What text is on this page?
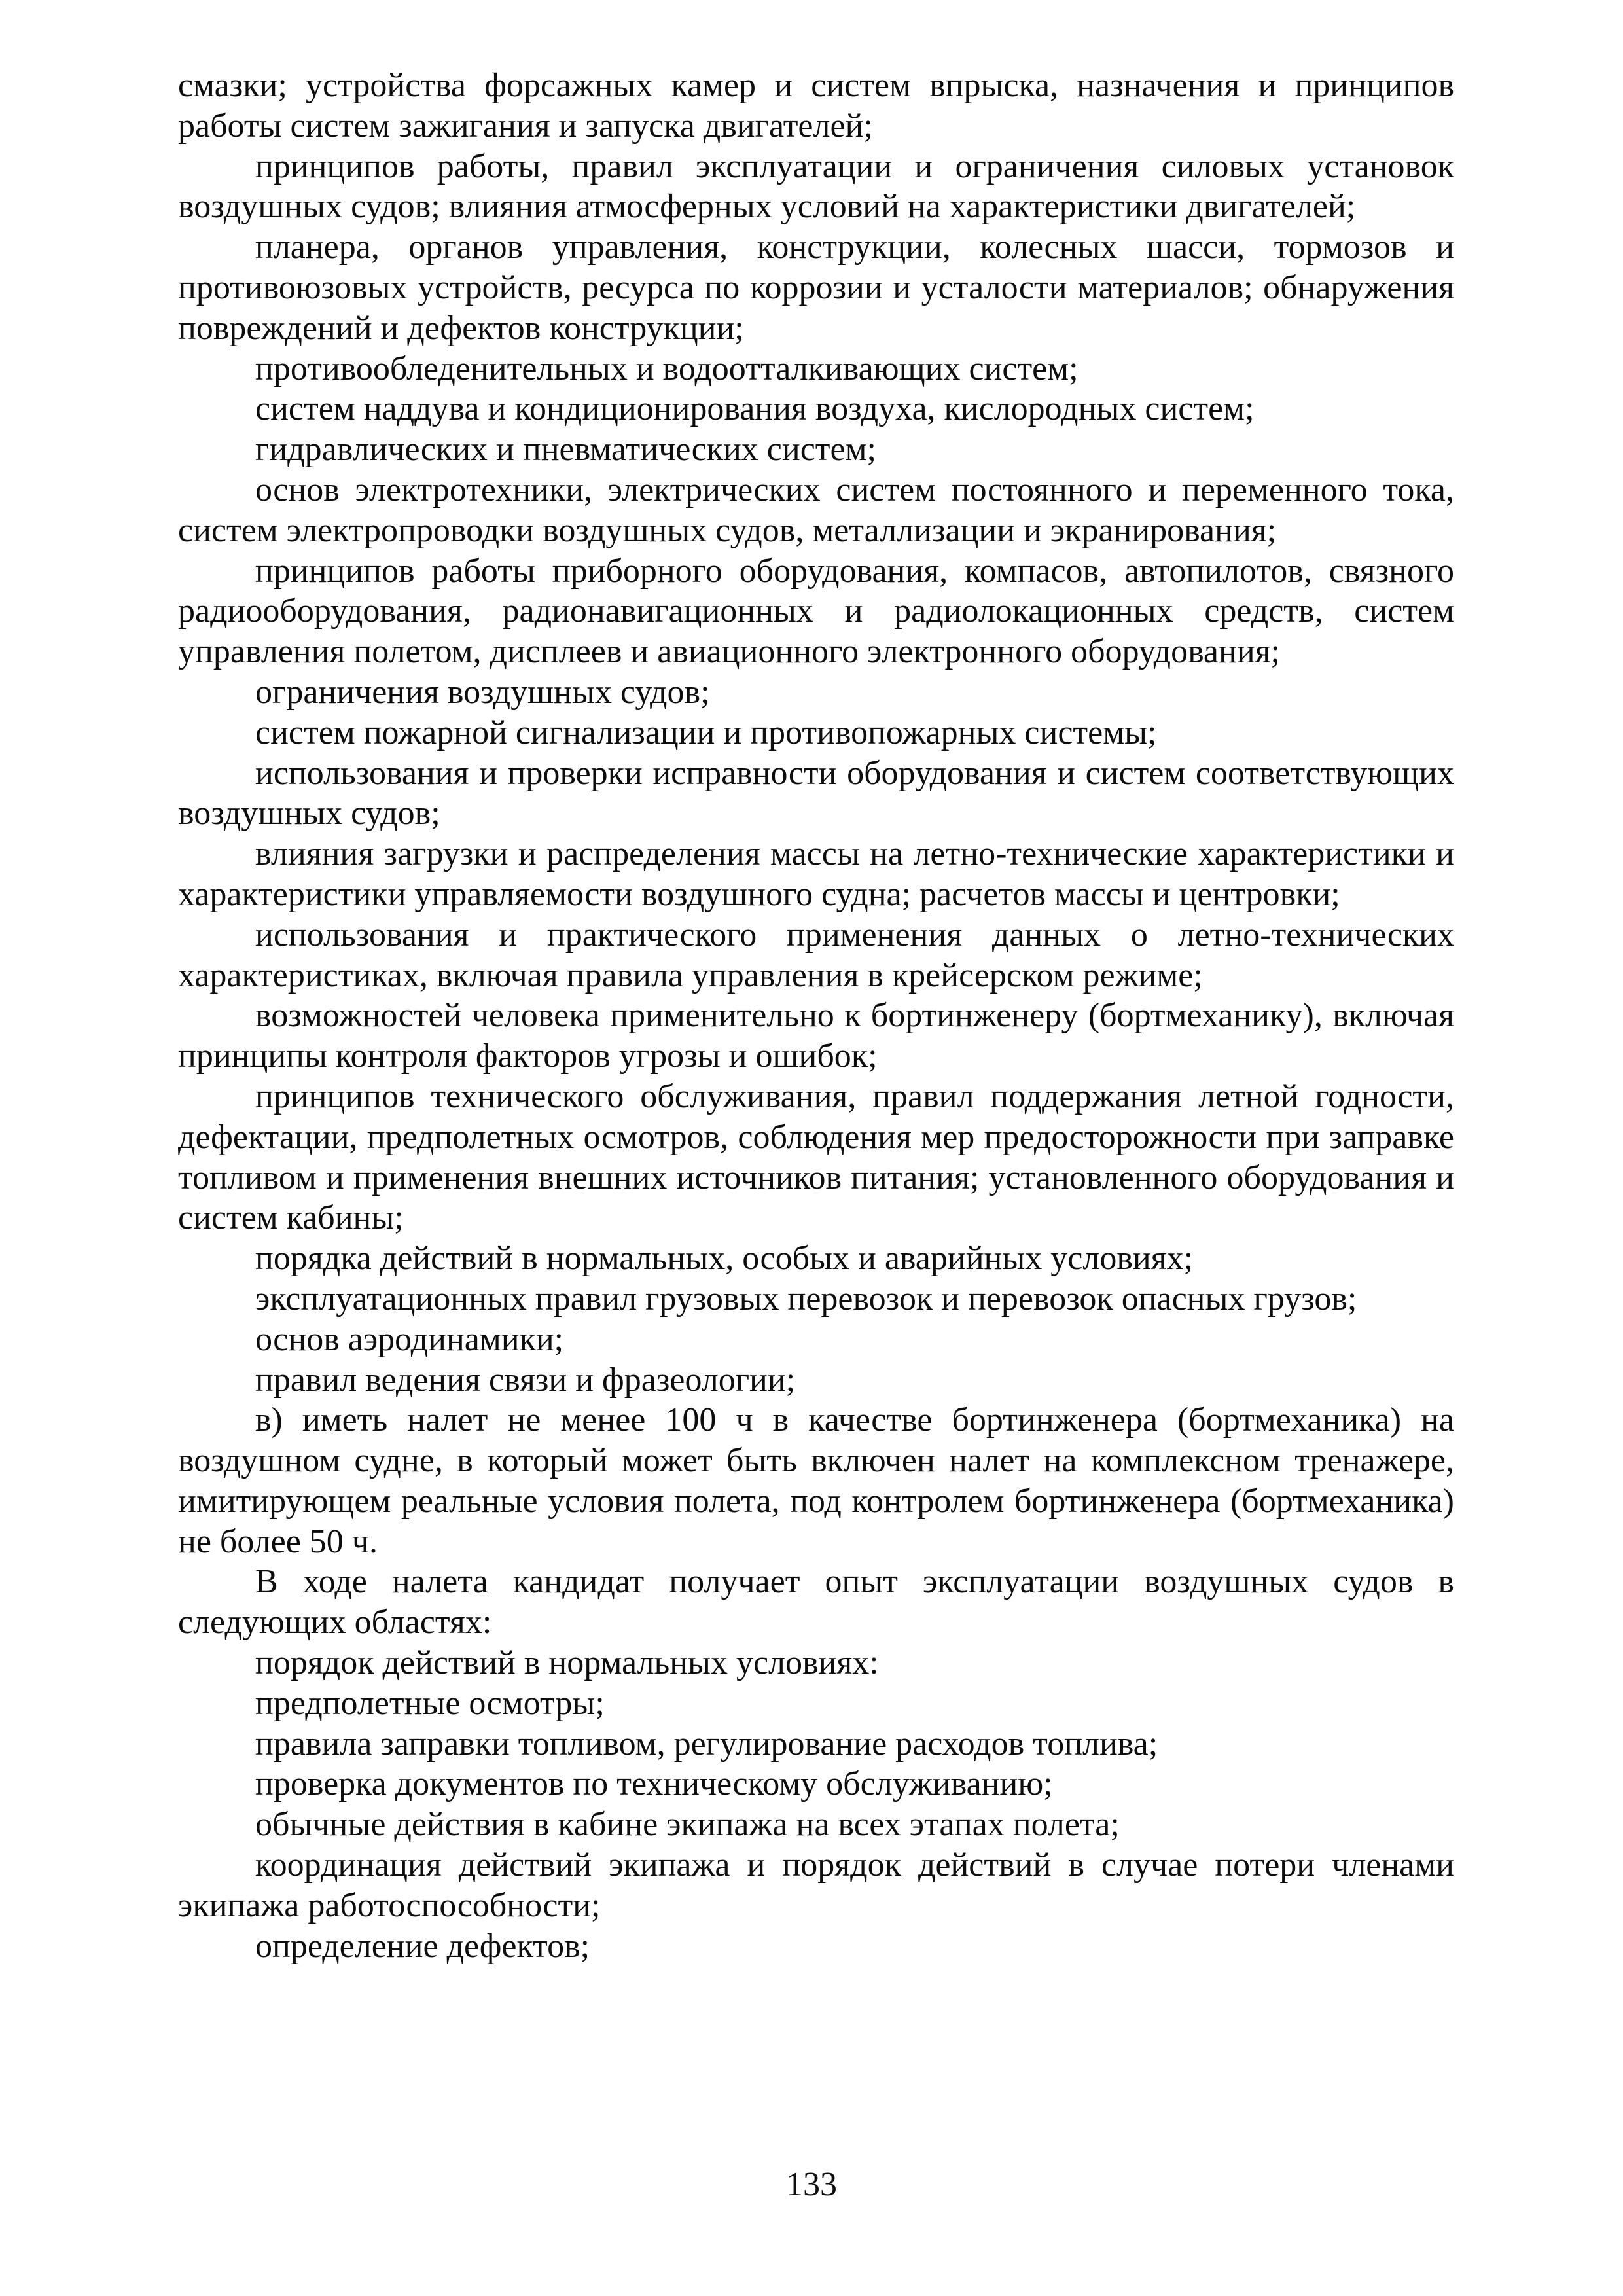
смазки; устройства форсажных камер и систем впрыска, назначения и принципов работы систем зажигания и запуска двигателей;

принципов работы, правил эксплуатации и ограничения силовых установок воздушных судов; влияния атмосферных условий на характеристики двигателей;

планера, органов управления, конструкции, колесных шасси, тормозов и противоюзовых устройств, ресурса по коррозии и усталости материалов; обнаружения повреждений и дефектов конструкции;

противообледенительных и водоотталкивающих систем;

систем наддува и кондиционирования воздуха, кислородных систем;

гидравлических и пневматических систем;

основ электротехники, электрических систем постоянного и переменного тока, систем электропроводки воздушных судов, металлизации и экранирования;

принципов работы приборного оборудования, компасов, автопилотов, связного радиооборудования, радионавигационных и радиолокационных средств, систем управления полетом, дисплеев и авиационного электронного оборудования;

ограничения воздушных судов;

систем пожарной сигнализации и противопожарных системы;

использования и проверки исправности оборудования и систем соответствующих воздушных судов;

влияния загрузки и распределения массы на летно-технические характеристики и характеристики управляемости воздушного судна; расчетов массы и центровки;

использования и практического применения данных о летно-технических характеристиках, включая правила управления в крейсерском режиме;

возможностей человека применительно к бортинженеру (бортмеханику), включая принципы контроля факторов угрозы и ошибок;

принципов технического обслуживания, правил поддержания летной годности, дефектации, предполетных осмотров, соблюдения мер предосторожности при заправке топливом и применения внешних источников питания; установленного оборудования и систем кабины;

порядка действий в нормальных, особых и аварийных условиях;

эксплуатационных правил грузовых перевозок и перевозок опасных грузов;

основ аэродинамики;

правил ведения связи и фразеологии;

в) иметь налет не менее 100 ч в качестве бортинженера (бортмеханика) на воздушном судне, в который может быть включен налет на комплексном тренажере, имитирующем реальные условия полета, под контролем бортинженера (бортмеханика) не более 50 ч.

В ходе налета кандидат получает опыт эксплуатации воздушных судов в следующих областях:

порядок действий в нормальных условиях:

предполетные осмотры;

правила заправки топливом, регулирование расходов топлива;

проверка документов по техническому обслуживанию;

обычные действия в кабине экипажа на всех этапах полета;

координация действий экипажа и порядок действий в случае потери членами экипажа работоспособности;

определение дефектов;

133
